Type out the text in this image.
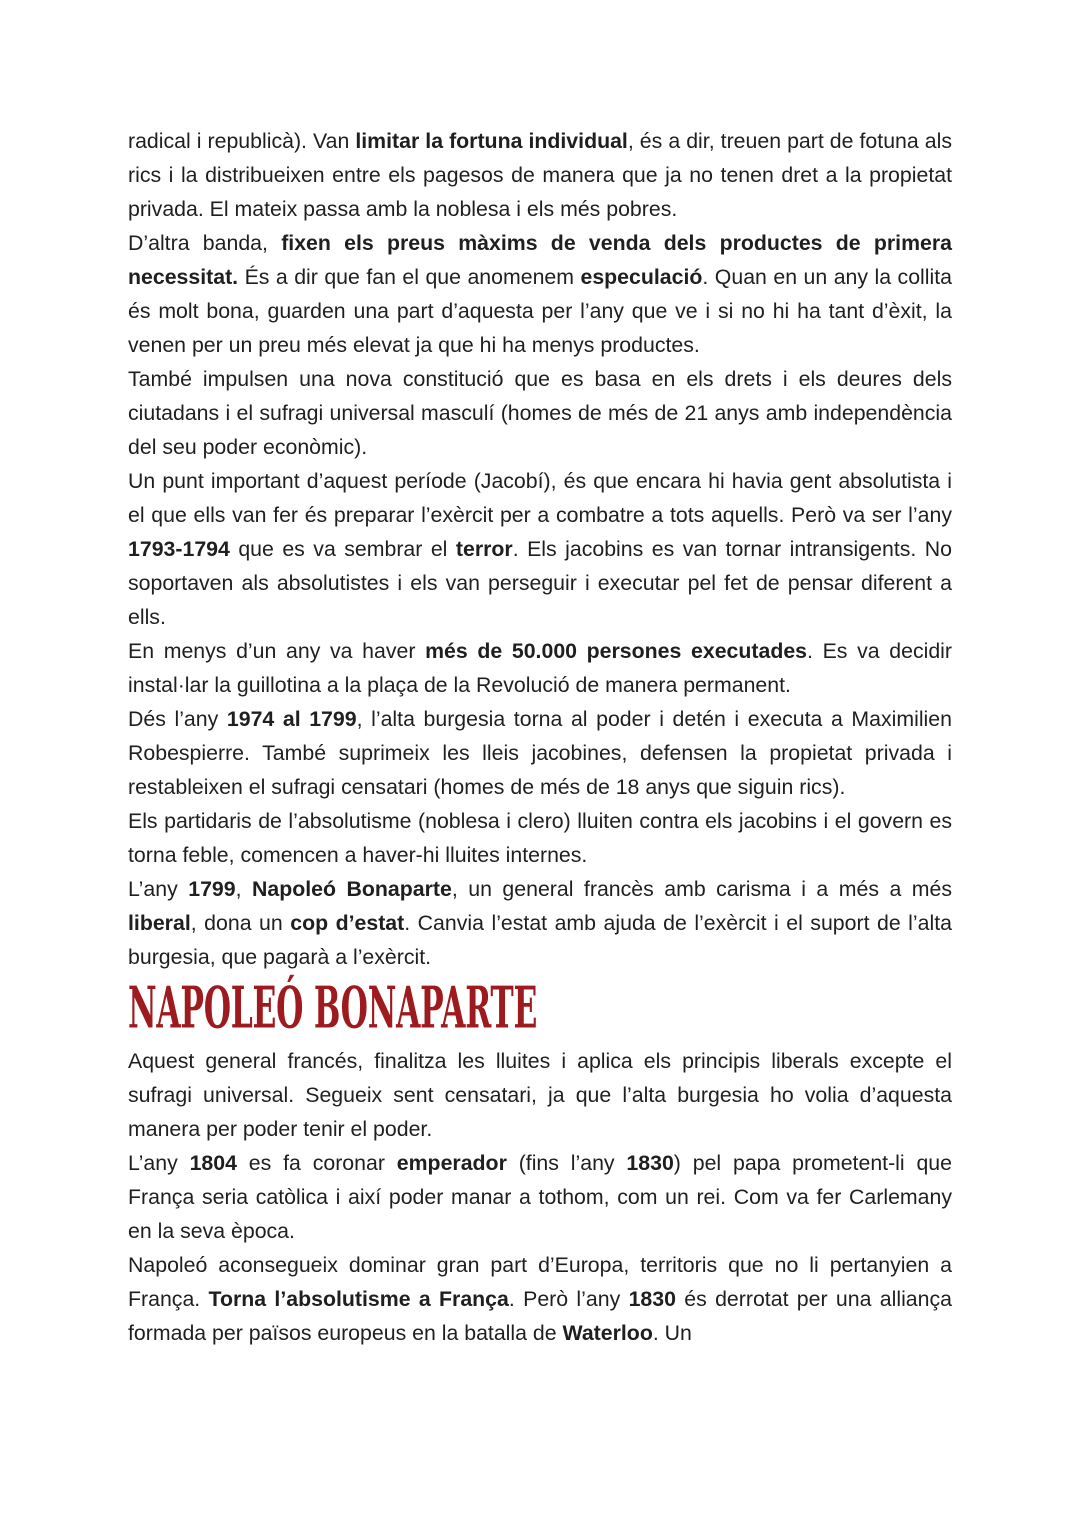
radical i republicà). Van limitar la fortuna individual, és a dir, treuen part de fotuna als rics i la distribueixen entre els pagesos de manera que ja no tenen dret a la propietat privada. El mateix passa amb la noblesa i els més pobres.

D’altra banda, fixen els preus màxims de venda dels productes de primera necessitat. És a dir que fan el que anomenem especulació. Quan en un any la collita és molt bona, guarden una part d’aquesta per l’any que ve i si no hi ha tant d’èxit, la venen per un preu més elevat ja que hi ha menys productes.

També impulsen una nova constitució que es basa en els drets i els deures dels ciutadans i el sufragi universal masculí (homes de més de 21 anys amb independència del seu poder econòmic).

Un punt important d’aquest període (Jacobí), és que encara hi havia gent absolutista i el que ells van fer és preparar l’exèrcit per a combatre a tots aquells. Però va ser l’any 1793-1794 que es va sembrar el terror. Els jacobins es van tornar intransigents. No soportaven als absolutistes i els van perseguir i executar pel fet de pensar diferent a ells.

En menys d’un any va haver més de 50.000 persones executades. Es va decidir instal·lar la guillotina a la plaça de la Revolució de manera permanent.

Dés l’any 1974 al 1799, l’alta burgesia torna al poder i detén i executa a Maximilien Robespierre. També suprimeix les lleis jacobines, defensen la propietat privada i restableixen el sufragi censatari (homes de més de 18 anys que siguin rics).

Els partidaris de l’absolutisme (noblesa i clero) lluiten contra els jacobins i el govern es torna feble, comencen a haver-hi lluites internes.

L’any 1799, Napoleó Bonaparte, un general francès amb carisma i a més a més liberal, dona un cop d’estat. Canvia l’estat amb ajuda de l’exèrcit i el suport de l’alta burgesia, que pagarà a l’exèrcit.

NAPOLEÓ BONAPARTE

Aquest general francés, finalitza les lluites i aplica els principis liberals excepte el sufragi universal. Segueix sent censatari, ja que l’alta burgesia ho volia d’aquesta manera per poder tenir el poder.

L’any 1804 es fa coronar emperador (fins l’any 1830) pel papa prometent-li que França seria catòlica i així poder manar a tothom, com un rei. Com va fer Carlemany en la seva època.

Napoleó aconsegueix dominar gran part d’Europa, territoris que no li pertanyien a França. Torna l’absolutisme a França. Però l’any 1830 és derrotat per una alliança formada per països europeus en la batalla de Waterloo. Un
